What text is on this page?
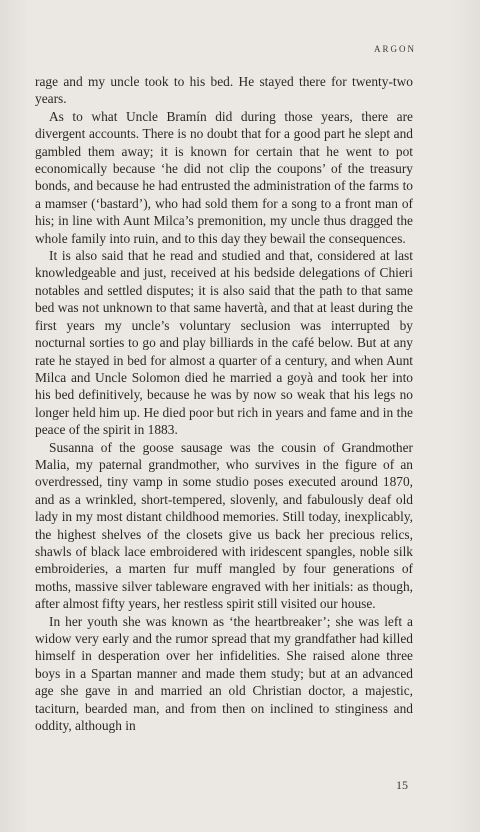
ARGON

rage and my uncle took to his bed. He stayed there for twenty-two years.

As to what Uncle Bramín did during those years, there are divergent accounts. There is no doubt that for a good part he slept and gambled them away; it is known for certain that he went to pot economically because ‘he did not clip the coupons’ of the treasury bonds, and because he had entrusted the administration of the farms to a mamser (‘bastard’), who had sold them for a song to a front man of his; in line with Aunt Milca’s premonition, my uncle thus dragged the whole family into ruin, and to this day they bewail the consequences.

It is also said that he read and studied and that, considered at last knowledgeable and just, received at his bedside delegations of Chieri notables and settled disputes; it is also said that the path to that same bed was not unknown to that same havertà, and that at least during the first years my uncle’s voluntary seclusion was interrupted by nocturnal sorties to go and play billiards in the café below. But at any rate he stayed in bed for almost a quarter of a century, and when Aunt Milca and Uncle Solomon died he married a goyà and took her into his bed definitively, because he was by now so weak that his legs no longer held him up. He died poor but rich in years and fame and in the peace of the spirit in 1883.

Susanna of the goose sausage was the cousin of Grandmother Malia, my paternal grandmother, who survives in the figure of an overdressed, tiny vamp in some studio poses executed around 1870, and as a wrinkled, short-tempered, slovenly, and fabulously deaf old lady in my most distant childhood memories. Still today, inexplicably, the highest shelves of the closets give us back her precious relics, shawls of black lace embroidered with iridescent spangles, noble silk embroideries, a marten fur muff mangled by four generations of moths, massive silver tableware engraved with her initials: as though, after almost fifty years, her restless spirit still visited our house.

In her youth she was known as ‘the heartbreaker’; she was left a widow very early and the rumor spread that my grandfather had killed himself in desperation over her infidelities. She raised alone three boys in a Spartan manner and made them study; but at an advanced age she gave in and married an old Christian doctor, a majestic, taciturn, bearded man, and from then on inclined to stinginess and oddity, although in

15
